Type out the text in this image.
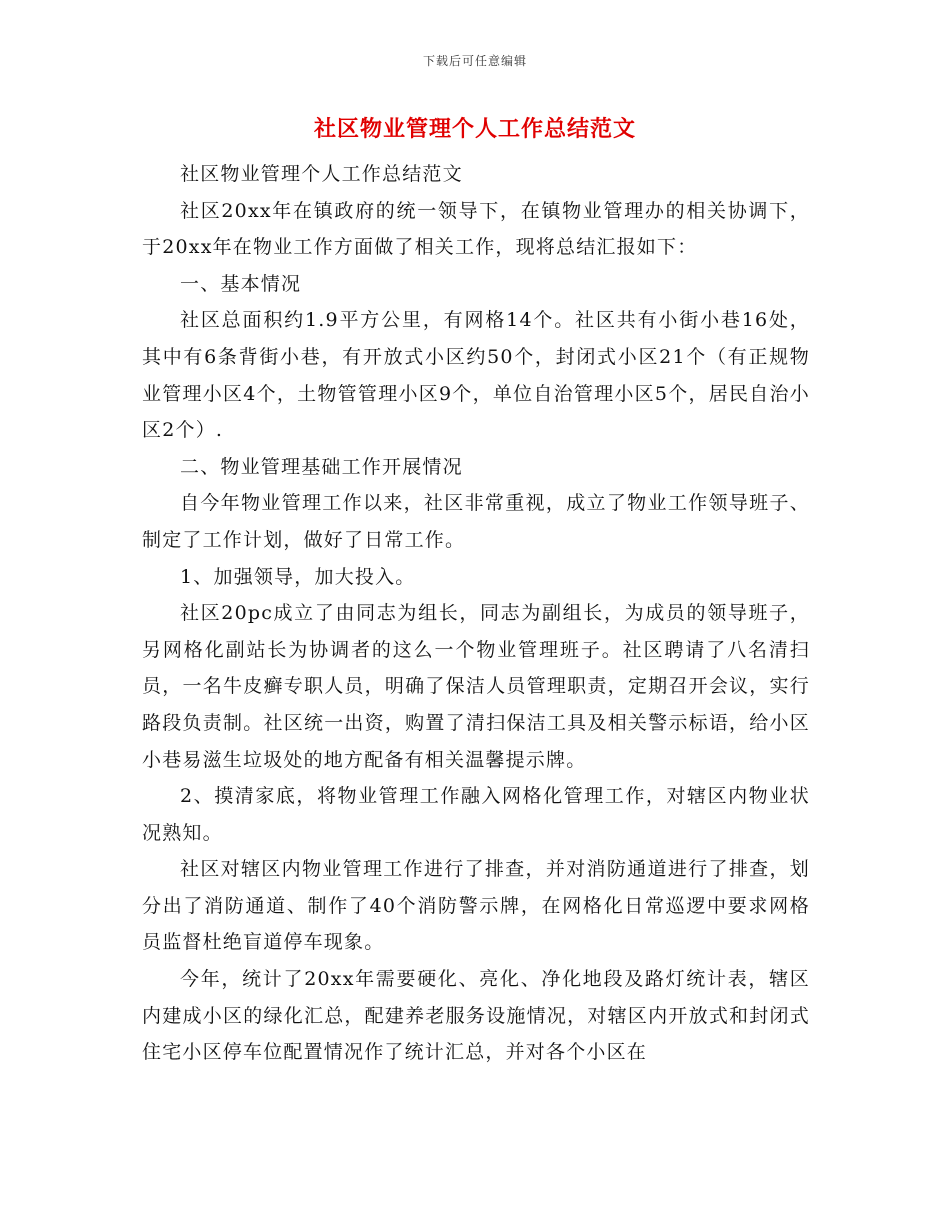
下载后可任意编辑
社区物业管理个人工作总结范文

社区物业管理个人工作总结范文

社区20xx年在镇政府的统一领导下，在镇物业管理办的相关协调下，于20xx年在物业工作方面做了相关工作，现将总结汇报如下：

一、基本情况

社区总面积约1.9平方公里，有网格14个。社区共有小街小巷16处，其中有6条背街小巷，有开放式小区约50个，封闭式小区21个（有正规物业管理小区4个，土物管管理小区9个，单位自治管理小区5个，居民自治小区2个）.

二、物业管理基础工作开展情况

自今年物业管理工作以来，社区非常重视，成立了物业工作领导班子、制定了工作计划，做好了日常工作。

1、加强领导，加大投入。

社区20pc成立了由同志为组长，同志为副组长，为成员的领导班子，另网格化副站长为协调者的这么一个物业管理班子。社区聘请了八名清扫员，一名牛皮癣专职人员，明确了保洁人员管理职责，定期召开会议，实行路段负责制。社区统一出资，购置了清扫保洁工具及相关警示标语，给小区小巷易滋生垃圾处的地方配备有相关温馨提示牌。

2、摸清家底，将物业管理工作融入网格化管理工作，对辖区内物业状况熟知。

社区对辖区内物业管理工作进行了排查，并对消防通道进行了排查，划分出了消防通道、制作了40个消防警示牌，在网格化日常巡逻中要求网格员监督杜绝盲道停车现象。

今年，统计了20xx年需要硬化、亮化、净化地段及路灯统计表，辖区内建成小区的绿化汇总，配建养老服务设施情况，对辖区内开放式和封闭式住宅小区停车位配置情况作了统计汇总，并对各个小区在
